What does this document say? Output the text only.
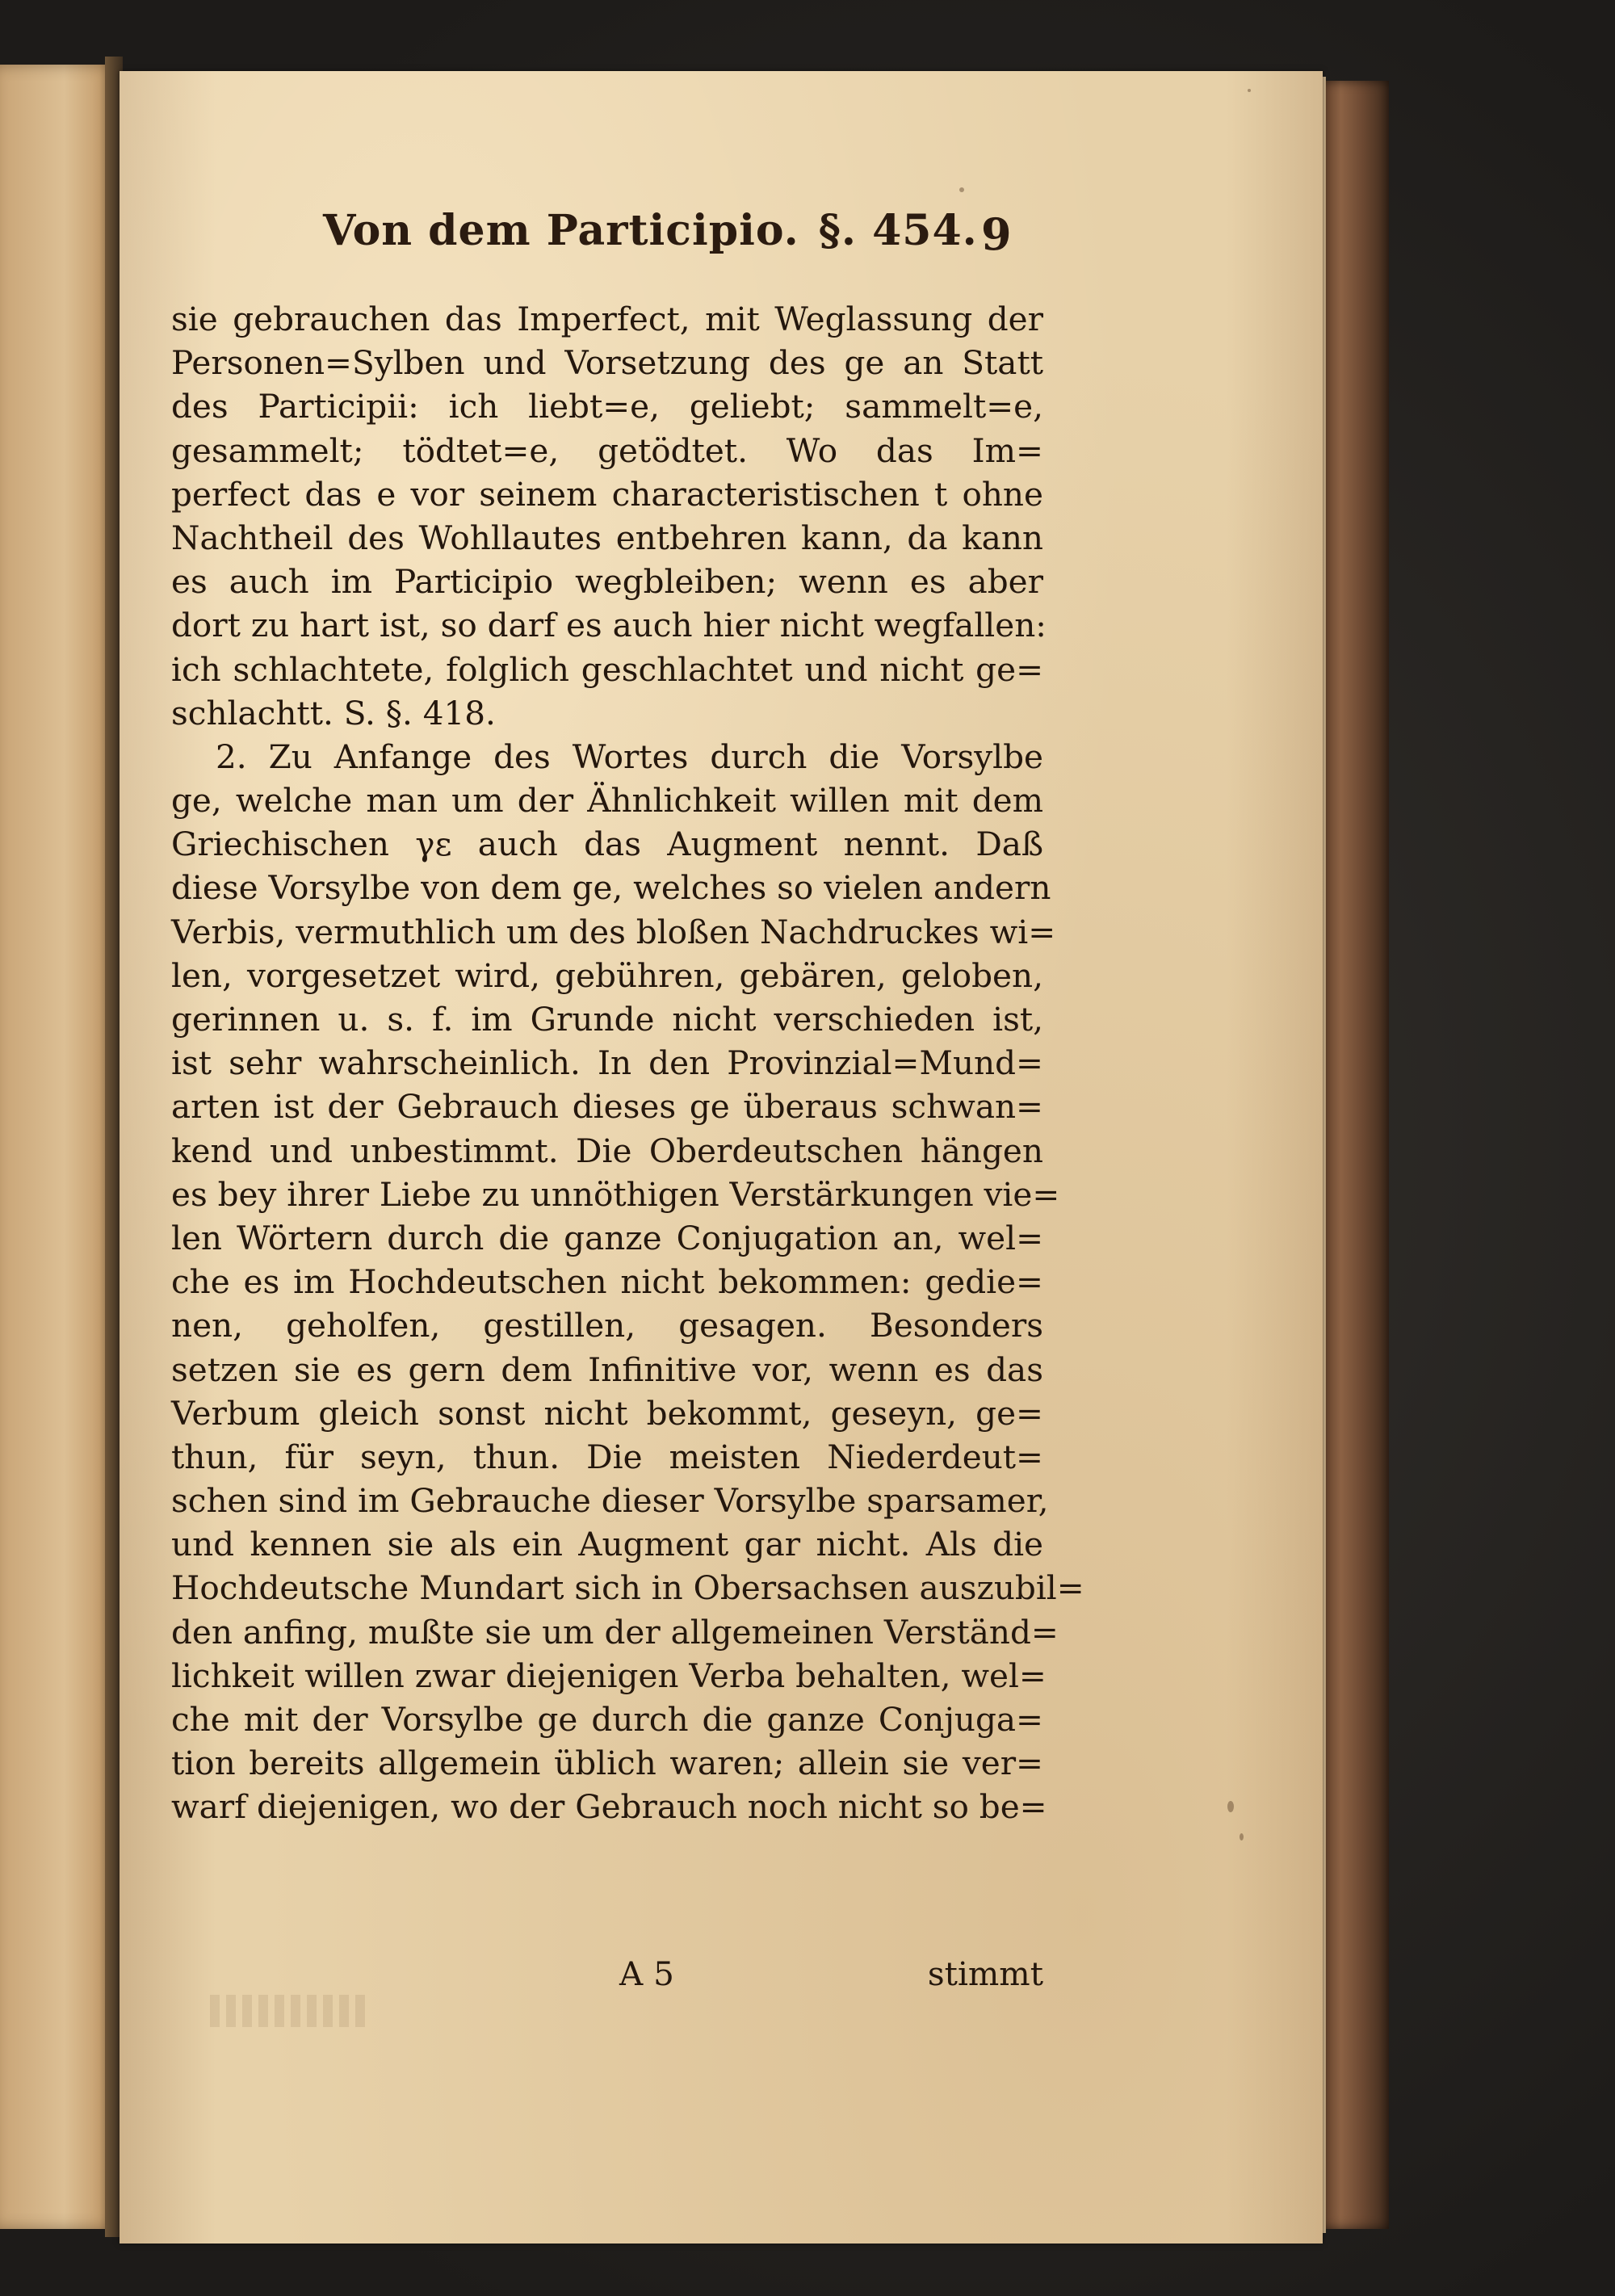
Von dem Participio. §. 454. 9
sie gebrauchen das Imperfect, mit Weglassung der
Personen=Sylben und Vorsetzung des ge an Statt
des Participii: ich liebt=e, geliebt; sammelt=e,
gesammelt; tödtet=e, getödtet. Wo das Im=
perfect das e vor seinem characteristischen t ohne
Nachtheil des Wohllautes entbehren kann, da kann
es auch im Participio wegbleiben; wenn es aber
dort zu hart ist, so darf es auch hier nicht wegfallen:
ich schlachtete, folglich geschlachtet und nicht ge=
schlachtt. S. §. 418.
2. Zu Anfange des Wortes durch die Vorsylbe
ge, welche man um der Ähnlichkeit willen mit dem
Griechischen γε auch das Augment nennt. Daß
diese Vorsylbe von dem ge, welches so vielen andern
Verbis, vermuthlich um des bloßen Nachdruckes wi=
len, vorgesetzet wird, gebühren, gebären, geloben,
gerinnen u. s. f. im Grunde nicht verschieden ist,
ist sehr wahrscheinlich. In den Provinzial=Mund=
arten ist der Gebrauch dieses ge überaus schwan=
kend und unbestimmt. Die Oberdeutschen hängen
es bey ihrer Liebe zu unnöthigen Verstärkungen vie=
len Wörtern durch die ganze Conjugation an, wel=
che es im Hochdeutschen nicht bekommen: gedie=
nen, geholfen, gestillen, gesagen. Besonders
setzen sie es gern dem Infinitive vor, wenn es das
Verbum gleich sonst nicht bekommt, geseyn, ge=
thun, für seyn, thun. Die meisten Niederdeut=
schen sind im Gebrauche dieser Vorsylbe sparsamer,
und kennen sie als ein Augment gar nicht. Als die
Hochdeutsche Mundart sich in Obersachsen auszubil=
den anfing, mußte sie um der allgemeinen Verständ=
lichkeit willen zwar diejenigen Verba behalten, wel=
che mit der Vorsylbe ge durch die ganze Conjuga=
tion bereits allgemein üblich waren; allein sie ver=
warf diejenigen, wo der Gebrauch noch nicht so be=
A 5	stimmt
